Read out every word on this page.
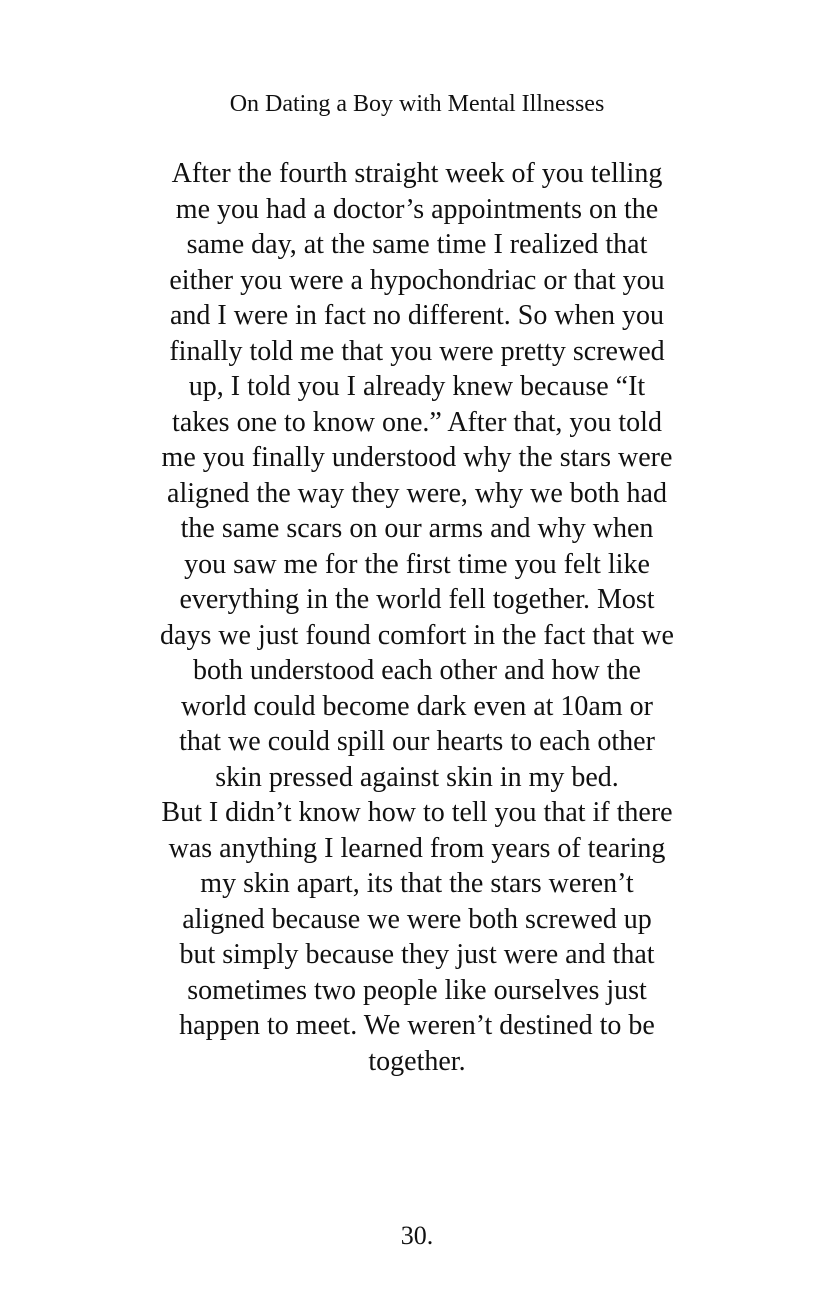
On Dating a Boy with Mental Illnesses
After the fourth straight week of you telling
me you had a doctor’s appointments on the
same day, at the same time I realized that
either you were a hypochondriac or that you
and I were in fact no different. So when you
finally told me that you were pretty screwed
up, I told you I already knew because “It
takes one to know one.” After that, you told
me you finally understood why the stars were
aligned the way they were, why we both had
the same scars on our arms and why when
you saw me for the first time you felt like
everything in the world fell together. Most
days we just found comfort in the fact that we
both understood each other and how the
world could become dark even at 10am or
that we could spill our hearts to each other
skin pressed against skin in my bed.
But I didn’t know how to tell you that if there
was anything I learned from years of tearing
my skin apart, its that the stars weren’t
aligned because we were both screwed up
but simply because they just were and that
sometimes two people like ourselves just
happen to meet. We weren’t destined to be
together.
30.
